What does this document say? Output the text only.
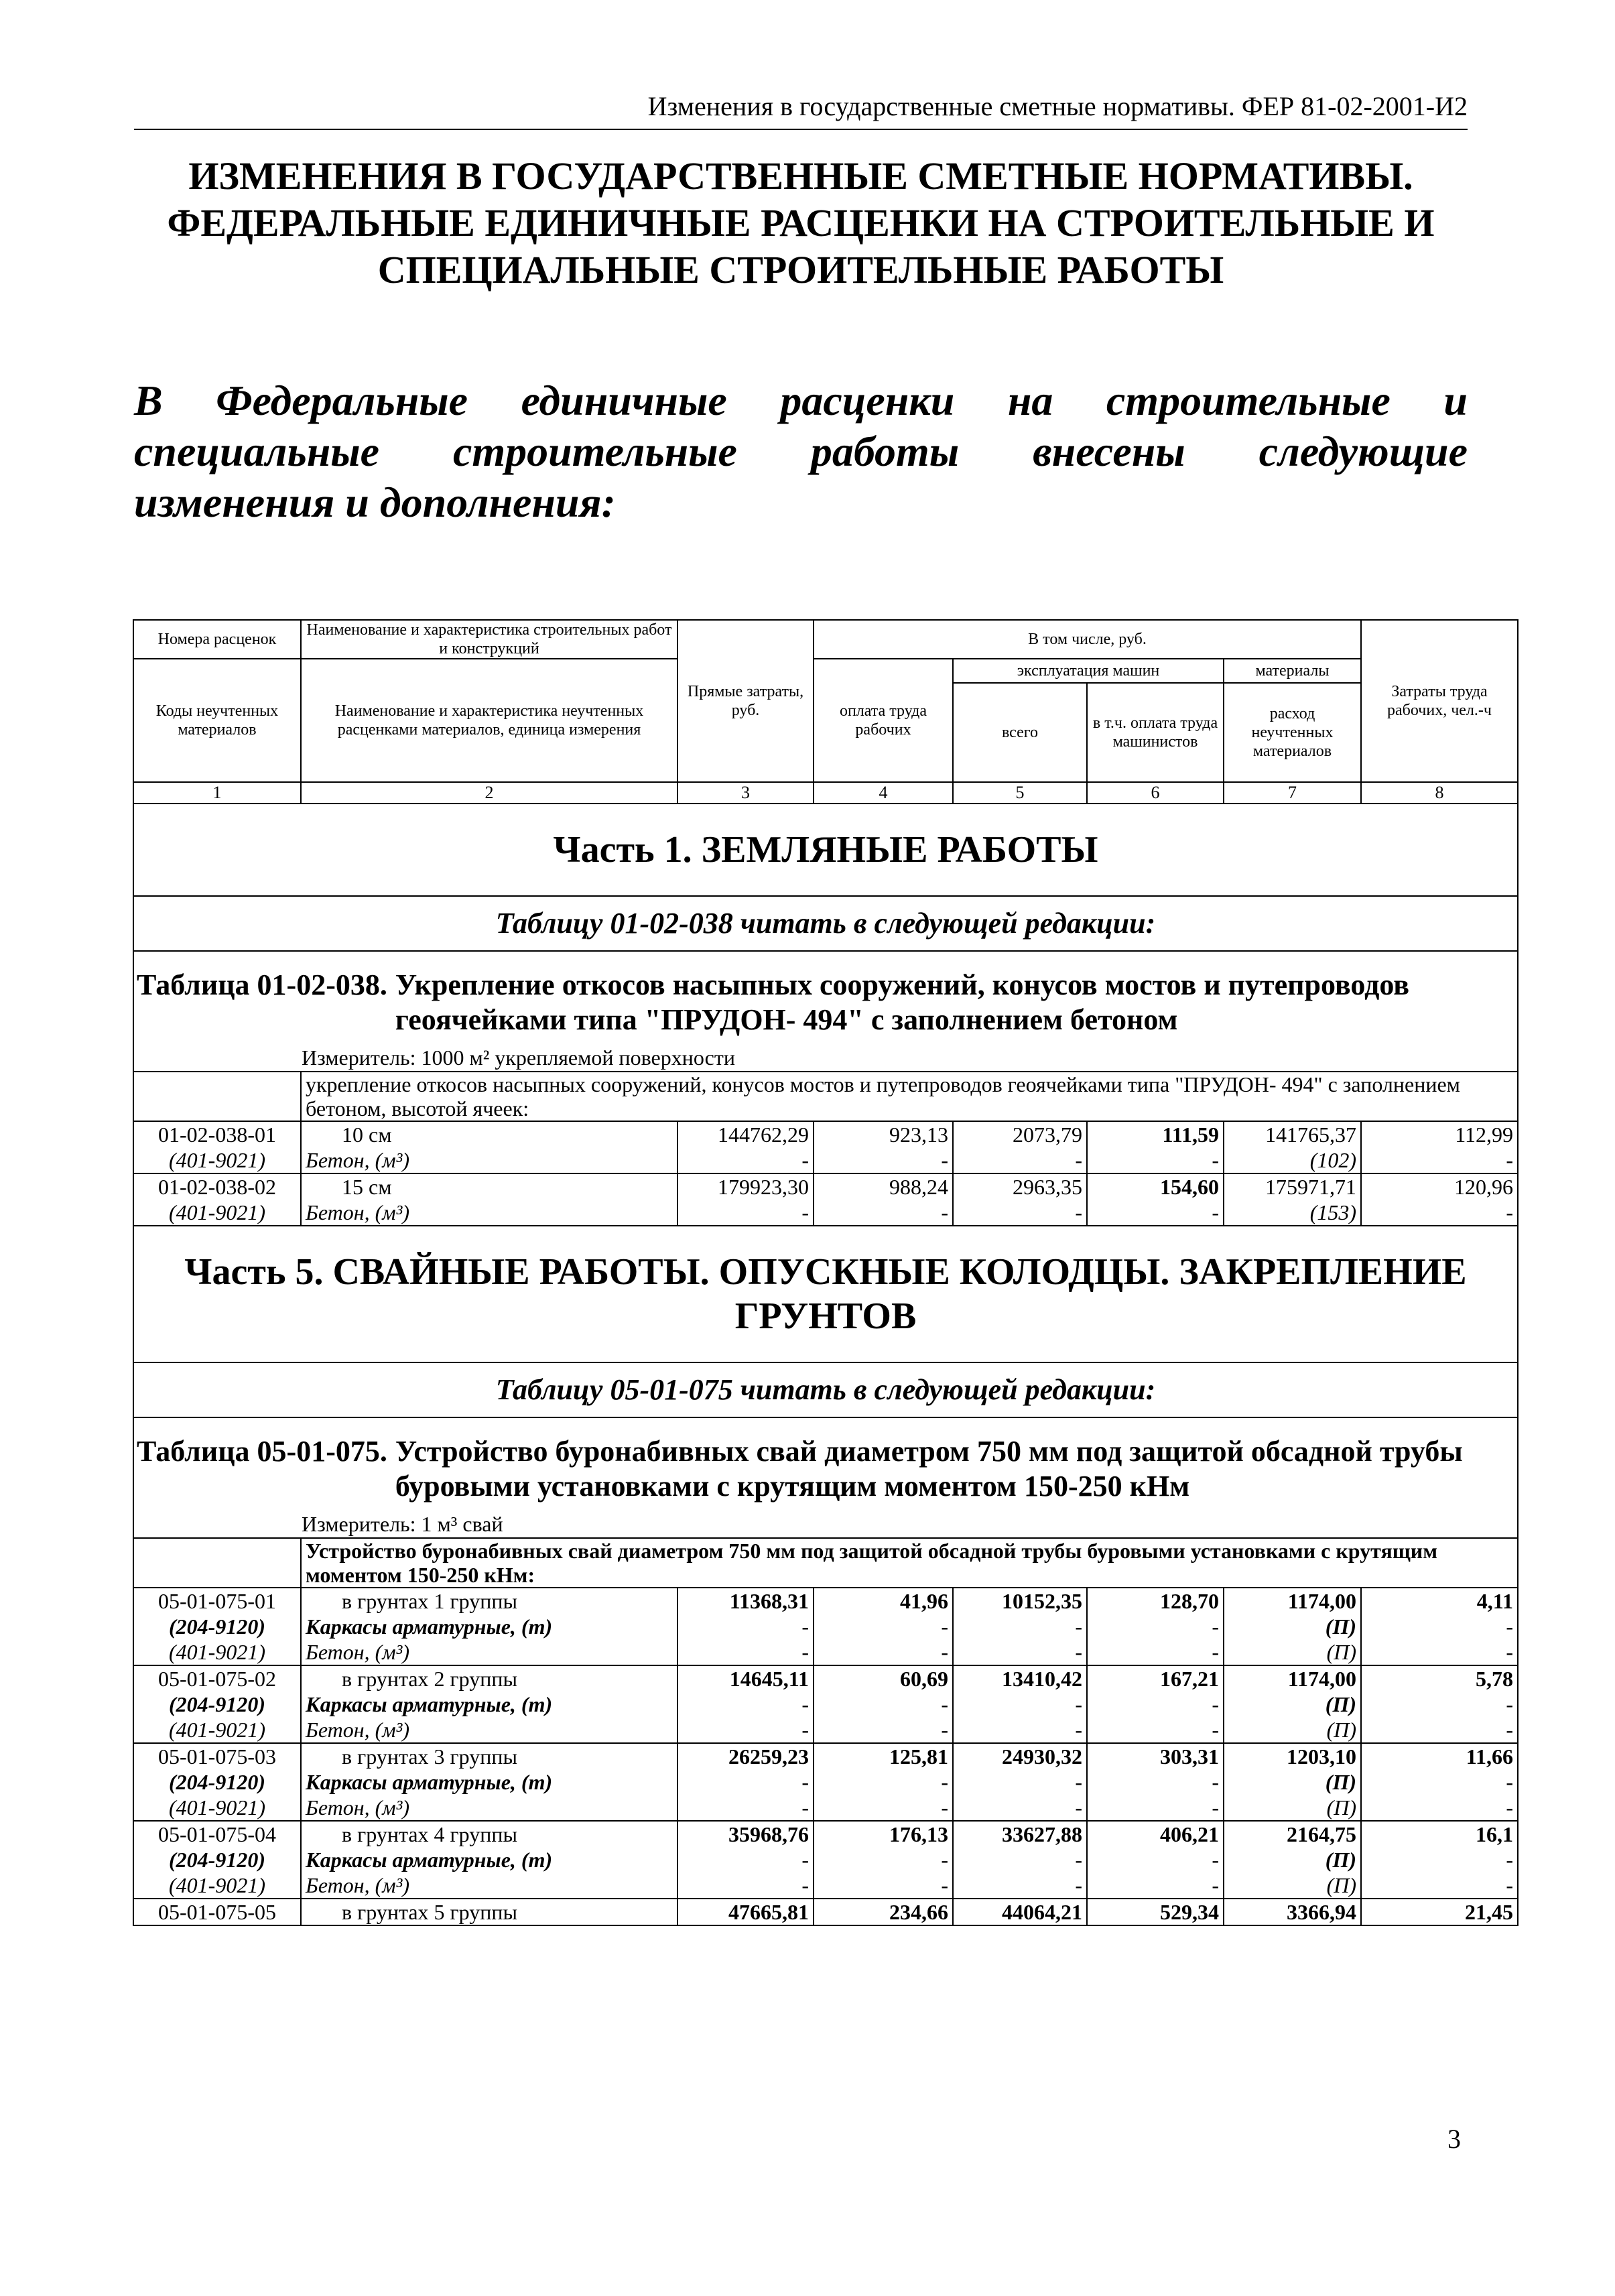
Изменения в государственные сметные нормативы. ФЕР 81-02-2001-И2
ИЗМЕНЕНИЯ В ГОСУДАРСТВЕННЫЕ СМЕТНЫЕ НОРМАТИВЫ.
ФЕДЕРАЛЬНЫЕ ЕДИНИЧНЫЕ РАСЦЕНКИ НА СТРОИТЕЛЬНЫЕ И
СПЕЦИАЛЬНЫЕ СТРОИТЕЛЬНЫЕ РАБОТЫ
В Федеральные единичные расценки на строительные и специальные строительные работы внесены следующие
изменения и дополнения:
Номера расценок	Наименование и характеристика строительных работ и конструкций	Прямые затраты, руб.	В том числе, руб.				Затраты труда рабочих, чел.-ч
Коды неучтенных материалов	Наименование и характеристика неучтенных расценками материалов, единица измерения		оплата труда рабочих	эксплуатация машин		материалы	
				всего	в т.ч. оплата труда машинистов	расход неучтенных материалов	
1	2	3	4	5	6	7	8
Часть 1. ЗЕМЛЯНЫЕ РАБОТЫ							
Таблицу 01-02-038 читать в следующей редакции:							

Таблица 01-02-038. Укрепление откосов насыпных сооружений, конусов мостов и путепроводов геоячейками типа "ПРУДОН- 494" с заполнением бетоном
Измеритель: 1000 м² укрепляемой поверхности							

	укрепление откосов насыпных сооружений, конусов мостов и путепроводов геоячейками типа "ПРУДОН- 494" с заполнением бетоном, высотой ячеек:						
01-02-038-01	10 см	144762,29	923,13	2073,79	111,59	141765,37	112,99
(401-9021)	Бетон, (м³)	-	-	-	-	(102)	-
01-02-038-02	15 см	179923,30	988,24	2963,35	154,60	175971,71	120,96
(401-9021)	Бетон, (м³)	-	-	-	-	(153)	-
Часть 5. СВАЙНЫЕ РАБОТЫ. ОПУСКНЫЕ КОЛОДЦЫ. ЗАКРЕПЛЕНИЕ ГРУНТОВ							
Таблицу 05-01-075 читать в следующей редакции:							

Таблица 05-01-075. Устройство буронабивных свай диаметром 750 мм под защитой обсадной трубы буровыми установками с крутящим моментом 150-250 кНм
Измеритель: 1 м³ свай							

	Устройство буронабивных свай диаметром 750 мм под защитой обсадной трубы буровыми установками с крутящим моментом 150-250 кНм:						
05-01-075-01	в грунтах 1 группы	11368,31	41,96	10152,35	128,70	1174,00	4,11
(204-9120)	Каркасы арматурные, (т)	-	-	-	-	(П)	-
(401-9021)	Бетон, (м³)	-	-	-	-	(П)	-
05-01-075-02	в грунтах 2 группы	14645,11	60,69	13410,42	167,21	1174,00	5,78
(204-9120)	Каркасы арматурные, (т)	-	-	-	-	(П)	-
(401-9021)	Бетон, (м³)	-	-	-	-	(П)	-
05-01-075-03	в грунтах 3 группы	26259,23	125,81	24930,32	303,31	1203,10	11,66
(204-9120)	Каркасы арматурные, (т)	-	-	-	-	(П)	-
(401-9021)	Бетон, (м³)	-	-	-	-	(П)	-
05-01-075-04	в грунтах 4 группы	35968,76	176,13	33627,88	406,21	2164,75	16,1
(204-9120)	Каркасы арматурные, (т)	-	-	-	-	(П)	-
(401-9021)	Бетон, (м³)	-	-	-	-	(П)	-
05-01-075-05	в грунтах 5 группы	47665,81	234,66	44064,21	529,34	3366,94	21,45
3
